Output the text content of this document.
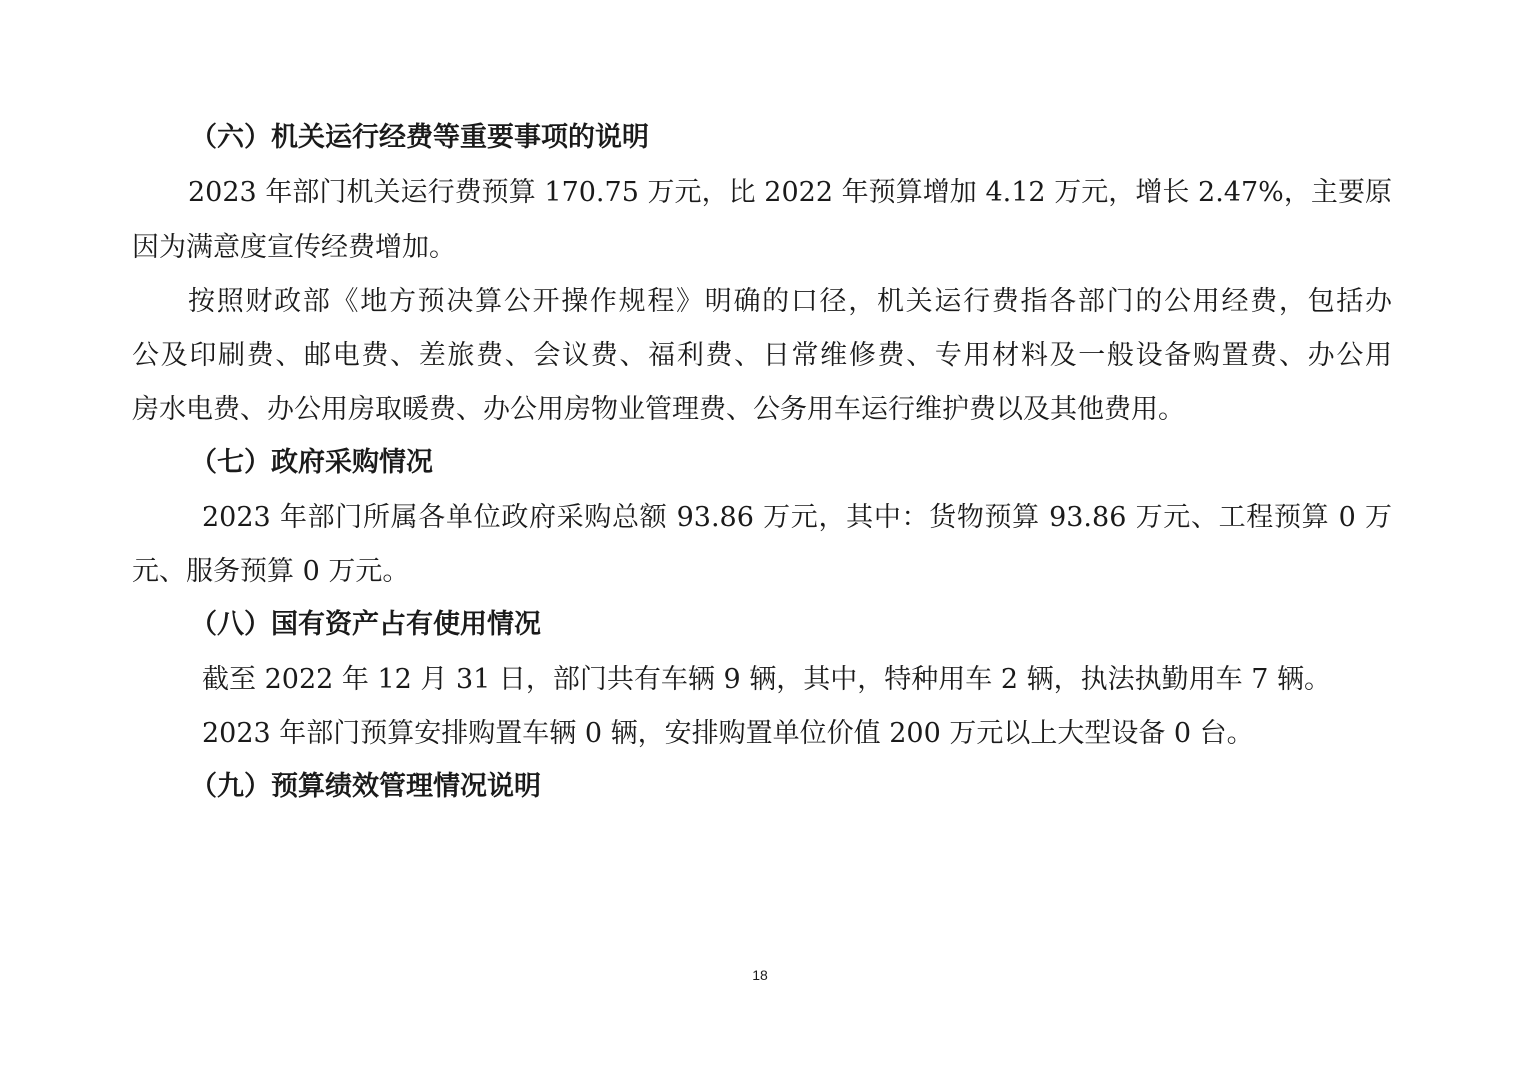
（六）机关运行经费等重要事项的说明
2023 年部门机关运行费预算 170.75 万元，比 2022 年预算增加 4.12 万元，增长 2.47%，主要原
因为满意度宣传经费增加。
按照财政部《地方预决算公开操作规程》明确的口径，机关运行费指各部门的公用经费，包括办
公及印刷费、邮电费、差旅费、会议费、福利费、日常维修费、专用材料及一般设备购置费、办公用
房水电费、办公用房取暖费、办公用房物业管理费、公务用车运行维护费以及其他费用。
（七）政府采购情况
2023 年部门所属各单位政府采购总额 93.86 万元，其中：货物预算 93.86 万元、工程预算 0 万
元、服务预算 0 万元。
（八）国有资产占有使用情况
截至 2022 年 12 月 31 日，部门共有车辆 9 辆，其中，特种用车 2 辆，执法执勤用车 7 辆。
2023 年部门预算安排购置车辆 0 辆，安排购置单位价值 200 万元以上大型设备 0 台。
（九）预算绩效管理情况说明
18
